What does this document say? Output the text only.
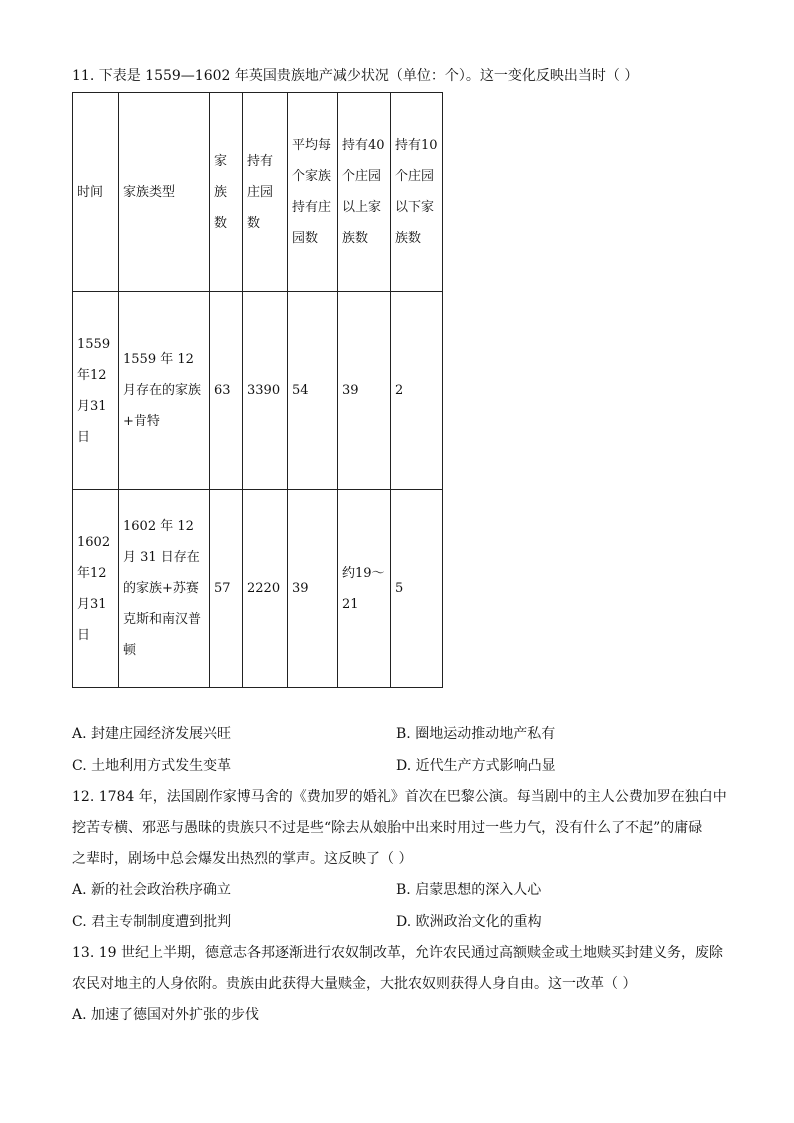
11. 下表是 1559—1602 年英国贵族地产减少状况（单位：个）。这一变化反映出当时（ ）
时间	家族类型	家族数	持有庄园数	平均每个家族持有庄园数	持有40个庄园以上家族数	持有10个庄园以下家族数

1559年12月31日	1559 年 12 月存在的家族+肯特	63	3390	54	39	2

1602年12月31日	1602 年 12 月 31 日存在的家族+苏赛克斯和南汉普顿	57	2220	39	约19～21	5
A. 封建庄园经济发展兴旺	B. 圈地运动推动地产私有
C. 土地利用方式发生变革	D. 近代生产方式影响凸显
12. 1784 年，法国剧作家博马舍的《费加罗的婚礼》首次在巴黎公演。每当剧中的主人公费加罗在独白中
挖苦专横、邪恶与愚昧的贵族只不过是些“除去从娘胎中出来时用过一些力气，没有什么了不起”的庸碌
之辈时，剧场中总会爆发出热烈的掌声。这反映了（ ）
A. 新的社会政治秩序确立	B. 启蒙思想的深入人心
C. 君主专制制度遭到批判	D. 欧洲政治文化的重构
13. 19 世纪上半期，德意志各邦逐渐进行农奴制改革，允许农民通过高额赎金或土地赎买封建义务，废除
农民对地主的人身依附。贵族由此获得大量赎金，大批农奴则获得人身自由。这一改革（ ）
A. 加速了德国对外扩张的步伐
